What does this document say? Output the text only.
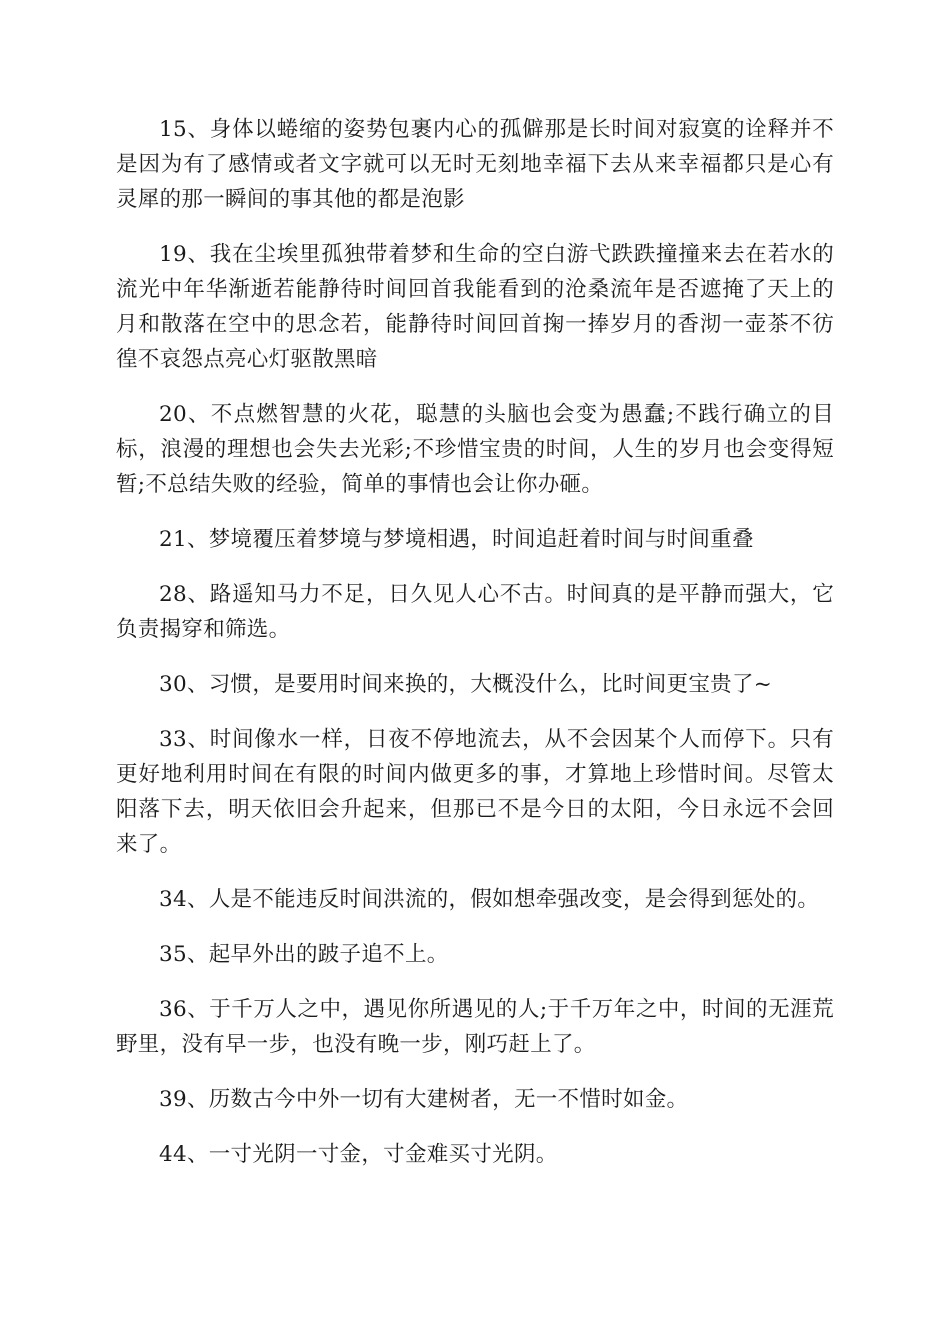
15、身体以蜷缩的姿势包裹内心的孤僻那是长时间对寂寞的诠释并不是因为有了感情或者文字就可以无时无刻地幸福下去从来幸福都只是心有灵犀的那一瞬间的事其他的都是泡影

19、我在尘埃里孤独带着梦和生命的空白游弋跌跌撞撞来去在若水的流光中年华渐逝若能静待时间回首我能看到的沧桑流年是否遮掩了天上的月和散落在空中的思念若，能静待时间回首掬一捧岁月的香沏一壶茶不彷徨不哀怨点亮心灯驱散黑暗

20、不点燃智慧的火花，聪慧的头脑也会变为愚蠢;不践行确立的目标，浪漫的理想也会失去光彩;不珍惜宝贵的时间，人生的岁月也会变得短暂;不总结失败的经验，简单的事情也会让你办砸。

21、梦境覆压着梦境与梦境相遇，时间追赶着时间与时间重叠

28、路遥知马力不足，日久见人心不古。时间真的是平静而强大，它负责揭穿和筛选。

30、习惯，是要用时间来换的，大概没什么，比时间更宝贵了~

33、时间像水一样，日夜不停地流去，从不会因某个人而停下。只有更好地利用时间在有限的时间内做更多的事，才算地上珍惜时间。尽管太阳落下去，明天依旧会升起来，但那已不是今日的太阳，今日永远不会回来了。

34、人是不能违反时间洪流的，假如想牵强改变，是会得到惩处的。

35、起早外出的跛子追不上。

36、于千万人之中，遇见你所遇见的人;于千万年之中，时间的无涯荒野里，没有早一步，也没有晚一步，刚巧赶上了。

39、历数古今中外一切有大建树者，无一不惜时如金。

44、一寸光阴一寸金，寸金难买寸光阴。
